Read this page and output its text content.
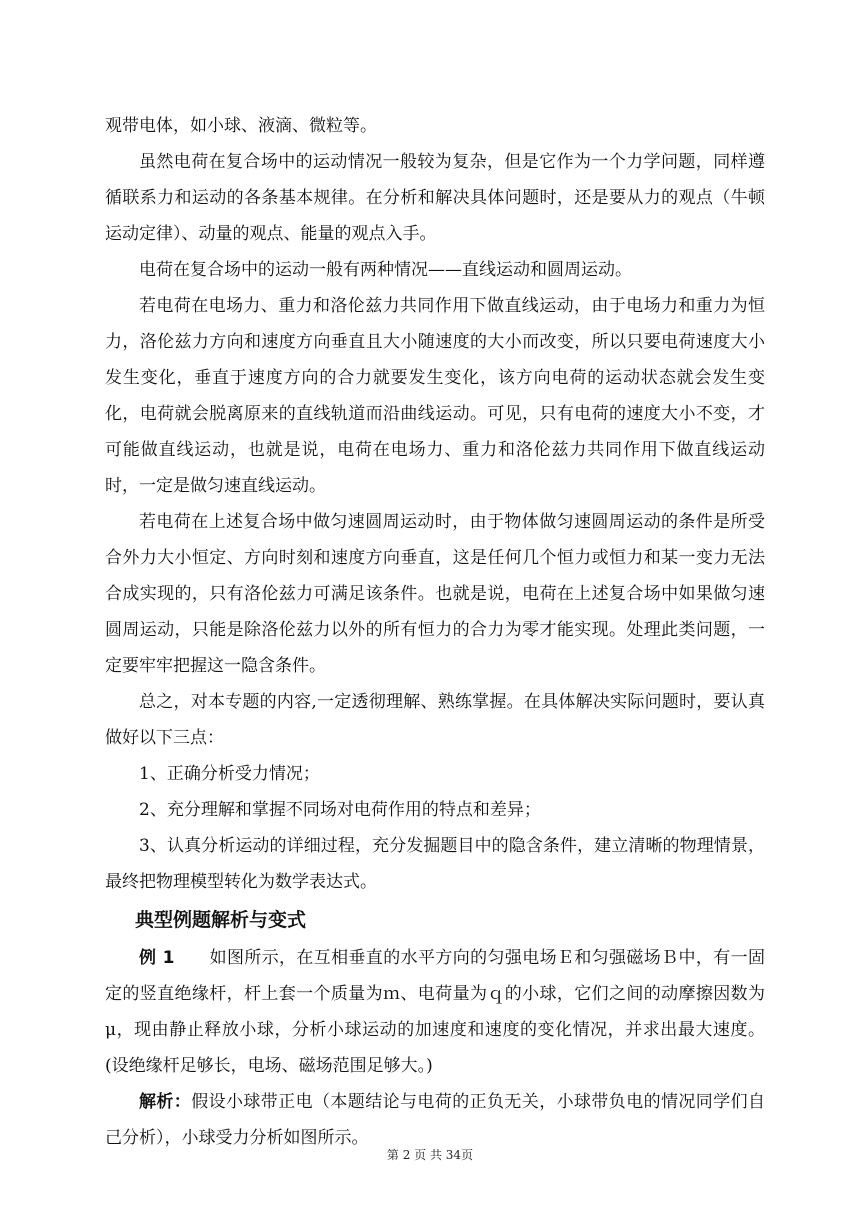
观带电体，如小球、液滴、微粒等。

虽然电荷在复合场中的运动情况一般较为复杂，但是它作为一个力学问题，同样遵循联系力和运动的各条基本规律。在分析和解决具体问题时，还是要从力的观点（牛顿运动定律）、动量的观点、能量的观点入手。

电荷在复合场中的运动一般有两种情况——直线运动和圆周运动。

若电荷在电场力、重力和洛伦兹力共同作用下做直线运动，由于电场力和重力为恒力，洛伦兹力方向和速度方向垂直且大小随速度的大小而改变，所以只要电荷速度大小发生变化，垂直于速度方向的合力就要发生变化，该方向电荷的运动状态就会发生变化，电荷就会脱离原来的直线轨道而沿曲线运动。可见，只有电荷的速度大小不变，才可能做直线运动，也就是说，电荷在电场力、重力和洛伦兹力共同作用下做直线运动时，一定是做匀速直线运动。

若电荷在上述复合场中做匀速圆周运动时，由于物体做匀速圆周运动的条件是所受合外力大小恒定、方向时刻和速度方向垂直，这是任何几个恒力或恒力和某一变力无法合成实现的，只有洛伦兹力可满足该条件。也就是说，电荷在上述复合场中如果做匀速圆周运动，只能是除洛伦兹力以外的所有恒力的合力为零才能实现。处理此类问题，一定要牢牢把握这一隐含条件。

总之，对本专题的内容,一定透彻理解、熟练掌握。在具体解决实际问题时，要认真做好以下三点：

1、正确分析受力情况；

2、充分理解和掌握不同场对电荷作用的特点和差异；

3、认真分析运动的详细过程，充分发掘题目中的隐含条件，建立清晰的物理情景，最终把物理模型转化为数学表达式。

典型例题解析与变式

例 1　　如图所示，在互相垂直的水平方向的匀强电场Ｅ和匀强磁场Ｂ中，有一固定的竖直绝缘杆，杆上套一个质量为ｍ、电荷量为ｑ的小球，它们之间的动摩擦因数为μ，现由静止释放小球，分析小球运动的加速度和速度的变化情况，并求出最大速度。(设绝缘杆足够长，电场、磁场范围足够大。)

解析：假设小球带正电（本题结论与电荷的正负无关，小球带负电的情况同学们自己分析），小球受力分析如图所示。

第 2 页 共 34页
